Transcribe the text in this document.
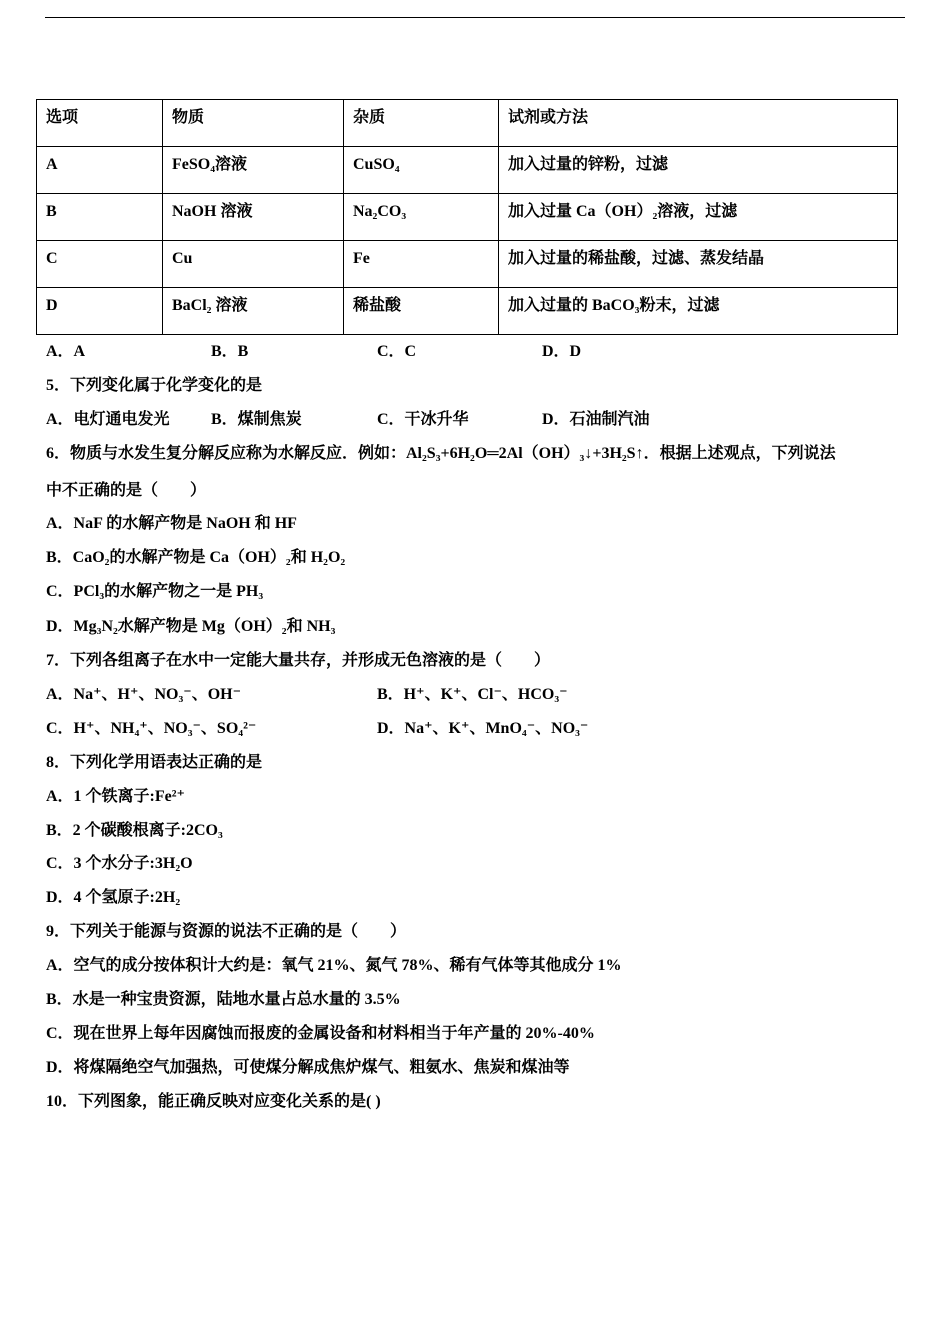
选项	物质	杂质	试剂或方法
A	FeSO₄溶液	CuSO₄	加入过量的锌粉，过滤
B	NaOH 溶液	Na₂CO₃	加入过量 Ca（OH）₂溶液，过滤
C	Cu	Fe	加入过量的稀盐酸，过滤、蒸发结晶
D	BaCl₂ 溶液	稀盐酸	加入过量的 BaCO₃粉末，过滤
A．A	B．B	C．C	D．D
5．下列变化属于化学变化的是
A．电灯通电发光	B．煤制焦炭	C．干冰升华	D．石油制汽油
6．物质与水发生复分解反应称为水解反应．例如：Al₂S₃+6H₂O═2Al（OH）₃↓+3H₂S↑．根据上述观点，下列说法
中不正确的是（　　）
A．NaF 的水解产物是 NaOH 和 HF
B．CaO₂的水解产物是 Ca（OH）₂和 H₂O₂
C．PCl₃的水解产物之一是 PH₃
D．Mg₃N₂水解产物是 Mg（OH）₂和 NH₃
7．下列各组离子在水中一定能大量共存，并形成无色溶液的是（　　）
A．Na⁺、H⁺、NO₃⁻、OH⁻	B．H⁺、K⁺、Cl⁻、HCO₃⁻
C．H⁺、NH₄⁺、NO₃⁻、SO₄²⁻	D．Na⁺、K⁺、MnO₄⁻、NO₃⁻
8．下列化学用语表达正确的是
A．1 个铁离子:Fe²⁺
B．2 个碳酸根离子:2CO₃
C．3 个水分子:3H₂O
D．4 个氢原子:2H₂
9．下列关于能源与资源的说法不正确的是（　　）
A．空气的成分按体积计大约是：氧气 21%、氮气 78%、稀有气体等其他成分 1%
B．水是一种宝贵资源，陆地水量占总水量的 3.5%
C．现在世界上每年因腐蚀而报废的金属设备和材料相当于年产量的 20%-40%
D．将煤隔绝空气加强热，可使煤分解成焦炉煤气、粗氨水、焦炭和煤油等
10．下列图象，能正确反映对应变化关系的是( )
